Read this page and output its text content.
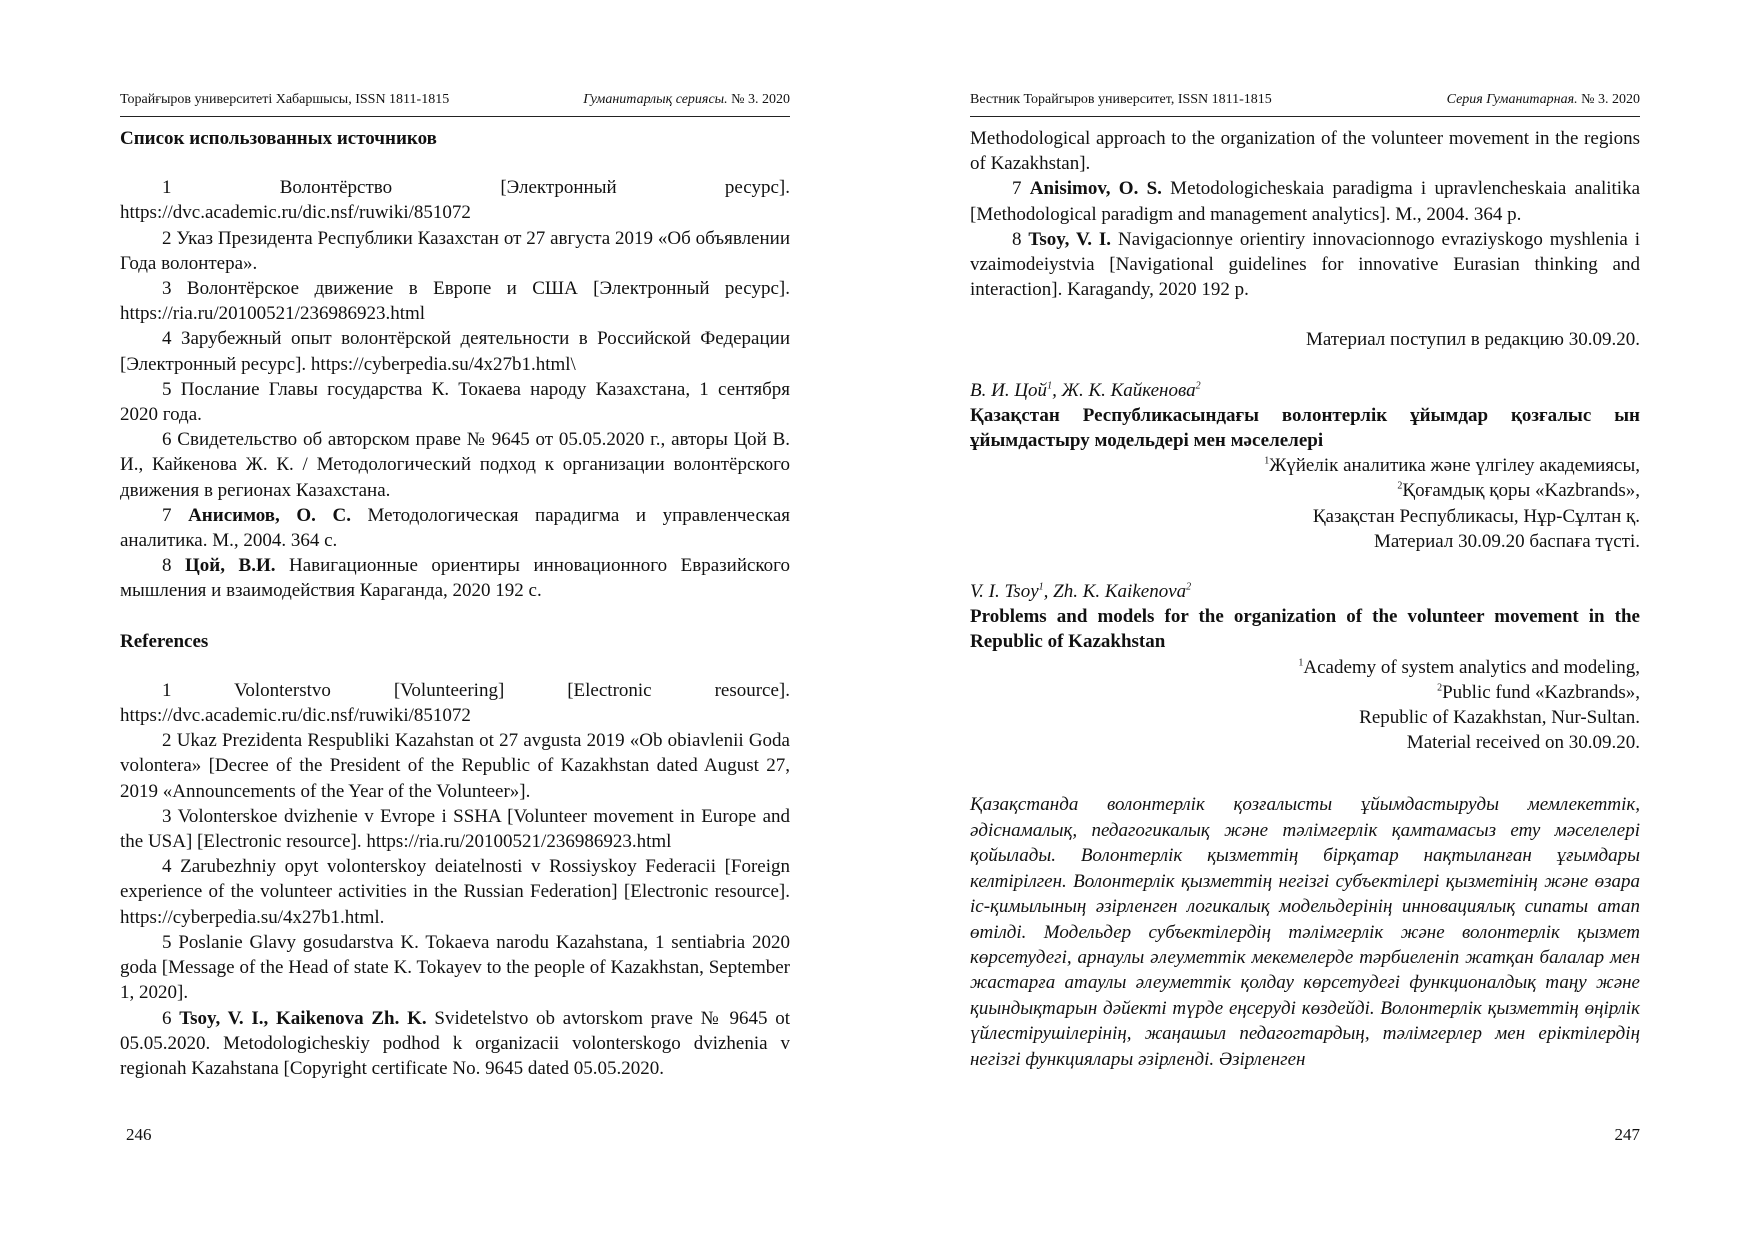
Торайғыров университеті Хабаршысы, ISSN 1811-1815	Гуманитарлық сериясы. № 3. 2020

Список использованных источников

1 Волонтёрство [Электронный ресурс]. https://dvc.academic.ru/dic.nsf/ruwiki/851072

2 Указ Президента Республики Казахстан от 27 августа 2019 «Об объявлении Года волонтера».

3 Волонтёрское движение в Европе и США [Электронный ресурс]. https://ria.ru/20100521/236986923.html

4 Зарубежный опыт волонтёрской деятельности в Российской Федерации [Электронный ресурс]. https://cyberpedia.su/4x27b1.html\

5 Послание Главы государства К. Токаева народу Казахстана, 1 сентября 2020 года.

6 Свидетельство об авторском праве № 9645 от 05.05.2020 г., авторы Цой В. И., Кайкенова Ж. К. / Методологический подход к организации волонтёрского движения в регионах Казахстана.

7 Анисимов, О. С. Методологическая парадигма и управленческая аналитика. М., 2004. 364 с.

8 Цой, В.И. Навигационные ориентиры инновационного Евразийского мышления и взаимодействия Караганда, 2020 192 с.

References

1 Volonterstvo [Volunteering] [Electronic resource]. https://dvc.academic.ru/dic.nsf/ruwiki/851072

2 Ukaz Prezidenta Respubliki Kazahstan ot 27 avgusta 2019 «Ob obiavlenii Goda volontera» [Decree of the President of the Republic of Kazakhstan dated August 27, 2019 «Announcements of the Year of the Volunteer»].

3 Volonterskoe dvizhenie v Evrope i SSHA [Volunteer movement in Europe and the USA] [Electronic resource]. https://ria.ru/20100521/236986923.html

4 Zarubezhniy opyt volonterskoy deiatelnosti v Rossiyskoy Federacii [Foreign experience of the volunteer activities in the Russian Federation] [Electronic resource]. https://cyberpedia.su/4x27b1.html.

5 Poslanie Glavy gosudarstva K. Tokaeva narodu Kazahstana, 1 sentiabria 2020 goda [Message of the Head of state K. Tokayev to the people of Kazakhstan, September 1, 2020].

6 Tsoy, V. I., Kaikenova Zh. K. Svidetelstvo ob avtorskom prave № 9645 ot 05.05.2020. Metodologicheskiy podhod k organizacii volonterskogo dvizhenia v regionah Kazahstana [Copyright certificate No. 9645 dated 05.05.2020.

246
Вестник Торайгыров университет, ISSN 1811-1815	Серия Гуманитарная. № 3. 2020

Methodological approach to the organization of the volunteer movement in the regions of Kazakhstan].

7 Anisimov, O. S. Metodologicheskaia paradigma i upravlencheskaia analitika [Methodological paradigm and management analytics]. M., 2004. 364 p.

8 Tsoy, V. I. Navigacionnye orientiry innovacionnogo evraziyskogo myshlenia i vzaimodeiystvia [Navigational guidelines for innovative Eurasian thinking and interaction]. Karagandy, 2020 192 p.

Материал поступил в редакцию 30.09.20.

В. И. Цой$^1$, Ж. К. Кайкенова$^2$

Қазақстан Республикасындағы волонтерлік ұйымдар қозғалыс ын ұйымдастыру модельдері мен мәселелері

$^1$Жүйелік аналитика және үлгілеу академиясы,

$^2$Қоғамдық қоры «Kazbrands»,

Қазақстан Республикасы, Нұр-Сұлтан қ.

Материал 30.09.20 баспаға түсті.

V. I. Tsoy$^1$, Zh. K. Kaikenova$^2$

Problems and models for the organization of the volunteer movement in the Republic of Kazakhstan

$^1$Academy of system analytics and modeling,

$^2$Public fund «Kazbrands»,

Republic of Kazakhstan, Nur-Sultan.

Material received on 30.09.20.

Қазақстанда волонтерлік қозғалысты ұйымдастыруды мемлекеттік, әдіснамалық, педагогикалық және тәлімгерлік қамтамасыз ету мәселелері қойылады. Волонтерлік қызметтің бірқатар нақтыланған ұғымдары келтірілген. Волонтерлік қызметтің негізгі субъектілері қызметінің және өзара іс-қимылының әзірленген логикалық модельдерінің инновациялық сипаты атап өтілді. Модельдер субъектілердің тәлімгерлік және волонтерлік қызмет көрсетудегі, арнаулы әлеуметтік мекемелерде тәрбиеленіп жатқан балалар мен жастарға атаулы әлеуметтік қолдау көрсетудегі функционалдық таңу және қиындықтарын дәйекті түрде еңсеруді көздейді. Волонтерлік қызметтің өңірлік үйлестірушілерінің, жаңашыл педагогтардың, тәлімгерлер мен еріктілердің негізгі функциялары әзірленді. Әзірленген

247
